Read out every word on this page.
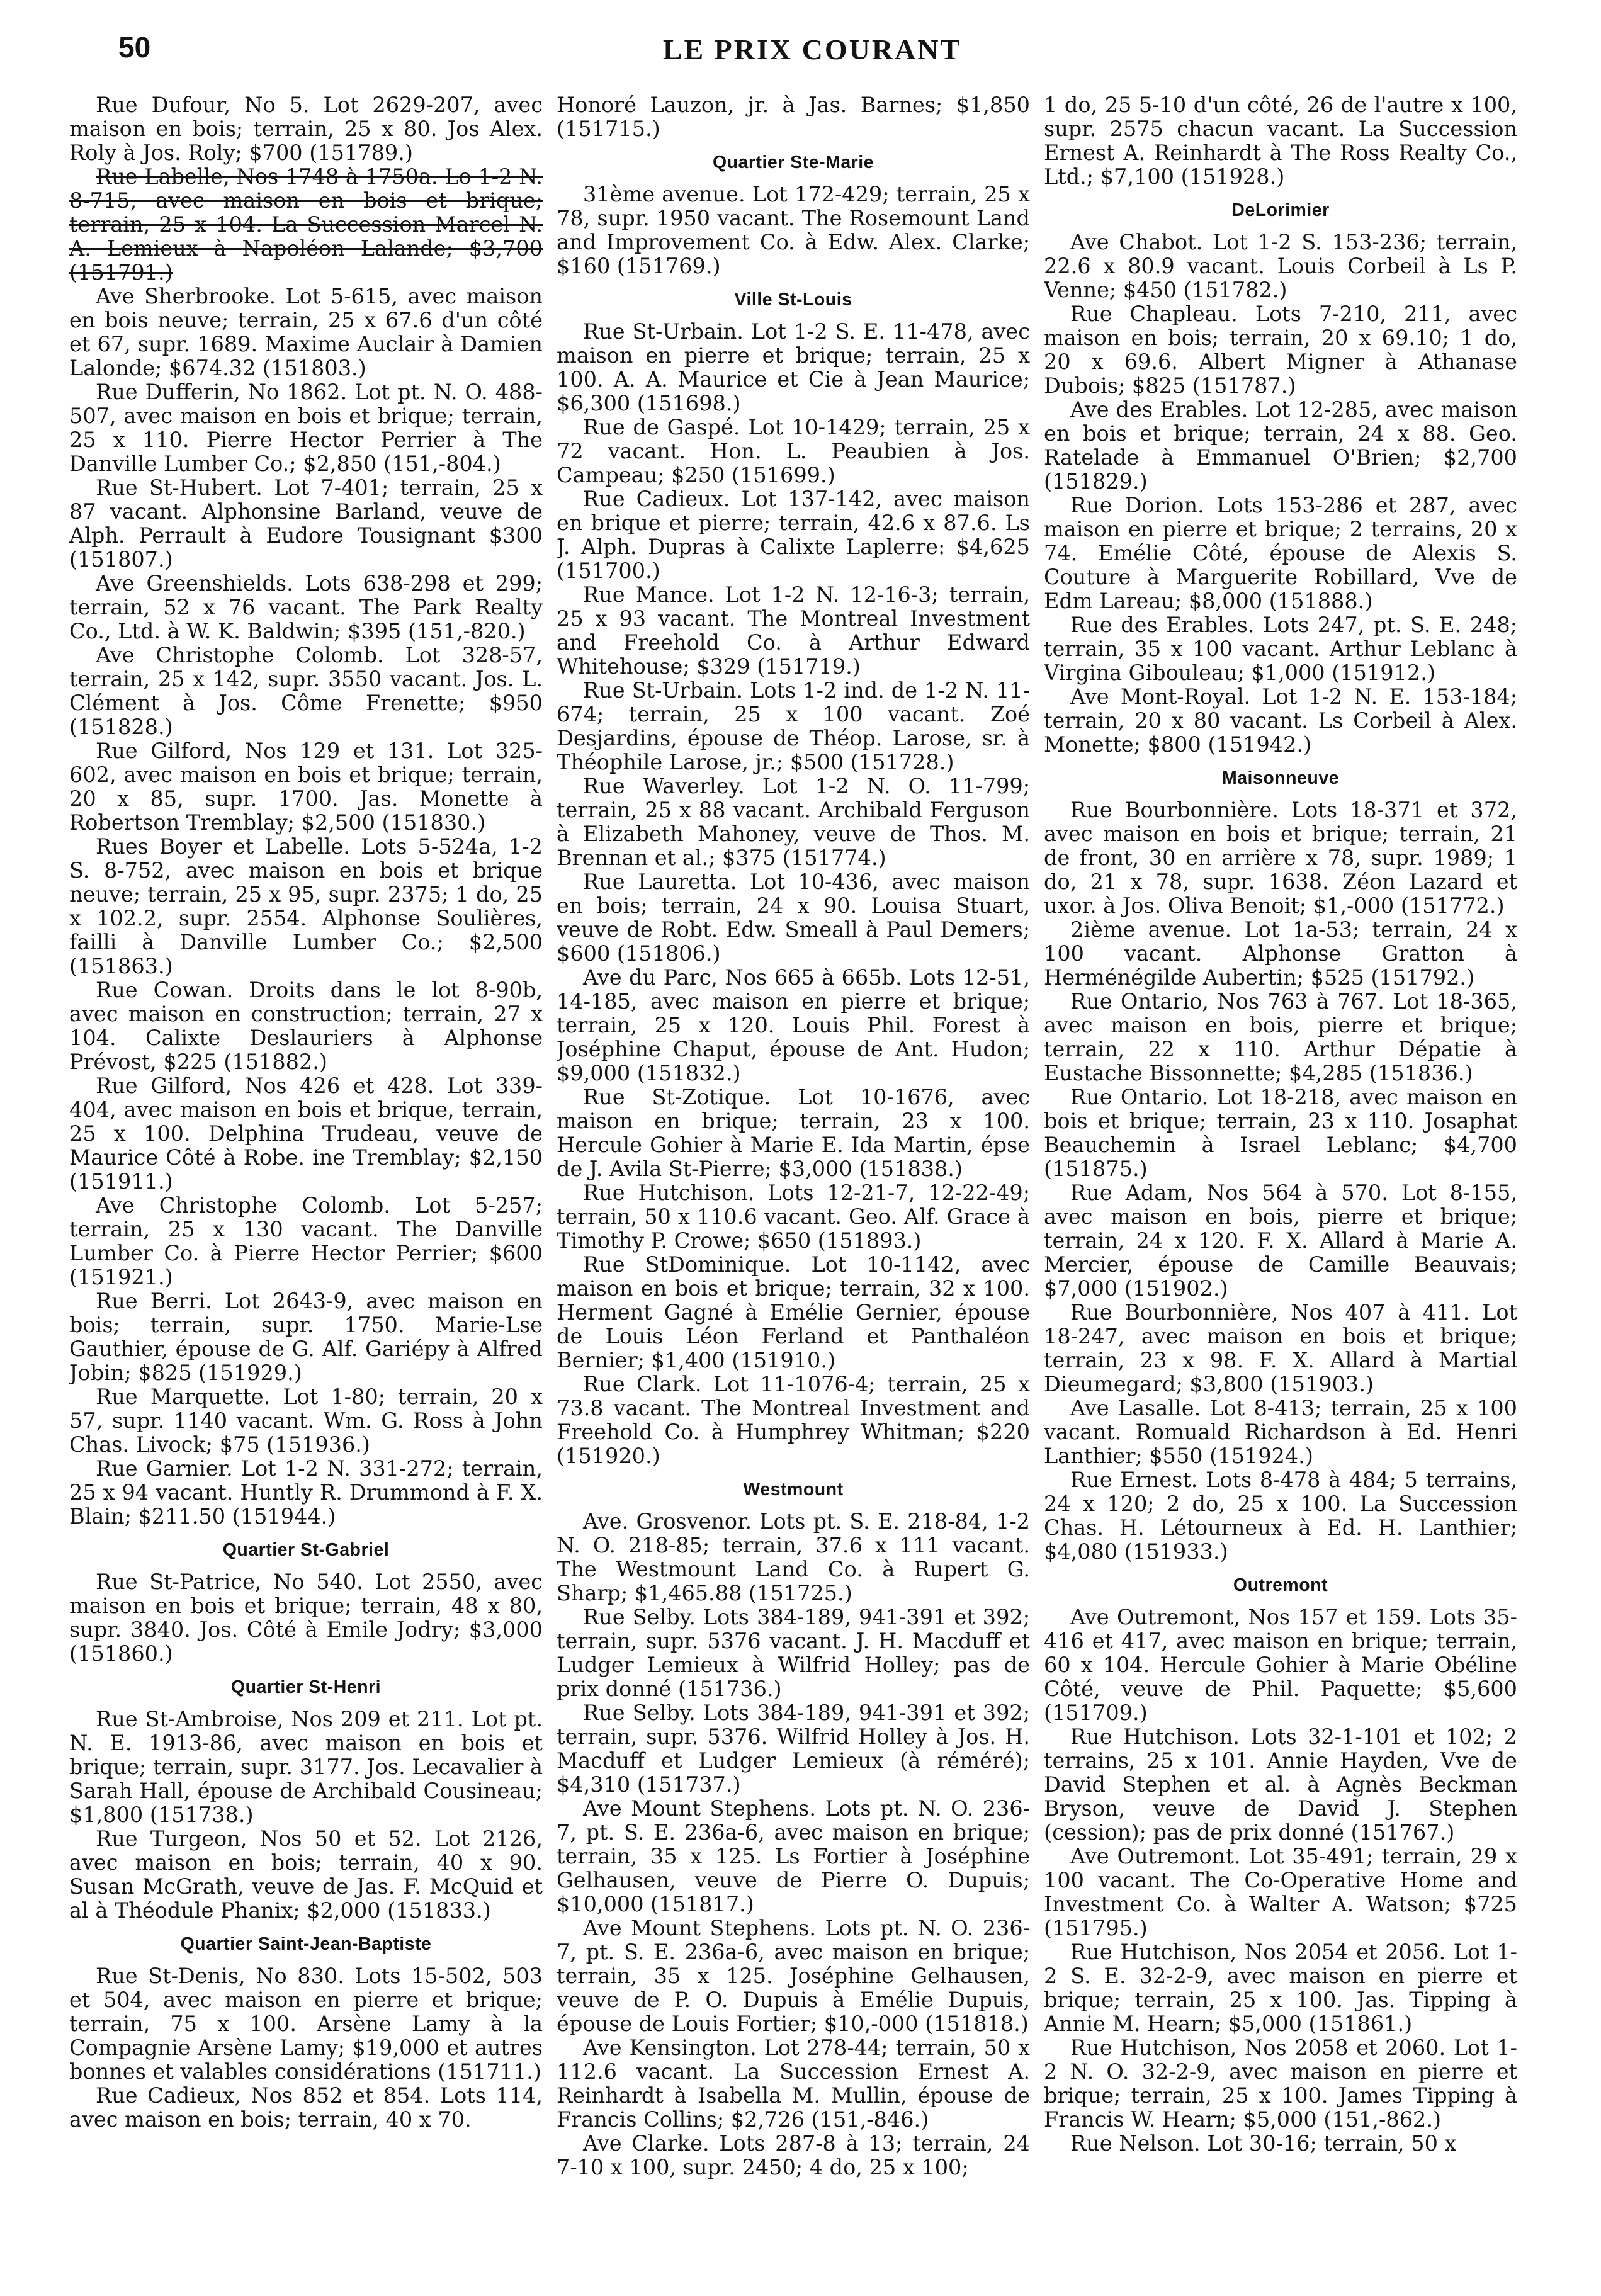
50	LE PRIX COURANT

Rue Dufour, No 5. Lot 2629-207, avec maison en bois; terrain, 25 x 80. Jos Alex. Roly à Jos. Roly; $700 (151789.)

Rue Labelle, Nos 1748 à 1750a. Lo 1-2 N. 8-715, avec maison en bois et brique; terrain, 25 x 104. La Succession Marcel N. A. Lemieux à Napoléon Lalande; $3,700 (151791.)

Ave Sherbrooke. Lot 5-615, avec maison en bois neuve; terrain, 25 x 67.6 d'un côté et 67, supr. 1689. Maxime Auclair à Damien Lalonde; $674.32 (151803.)

Rue Dufferin, No 1862. Lot pt. N. O. 488-507, avec maison en bois et brique; terrain, 25 x 110. Pierre Hector Perrier à The Danville Lumber Co.; $2,850 (151,-804.)

Rue St-Hubert. Lot 7-401; terrain, 25 x 87 vacant. Alphonsine Barland, veuve de Alph. Perrault à Eudore Tousignant $300 (151807.)

Ave Greenshields. Lots 638-298 et 299; terrain, 52 x 76 vacant. The Park Realty Co., Ltd. à W. K. Baldwin; $395 (151,-820.)

Ave Christophe Colomb. Lot 328-57, terrain, 25 x 142, supr. 3550 vacant. Jos. L. Clément à Jos. Côme Frenette; $950 (151828.)

Rue Gilford, Nos 129 et 131. Lot 325-602, avec maison en bois et brique; terrain, 20 x 85, supr. 1700. Jas. Monette à Robertson Tremblay; $2,500 (151830.)

Rues Boyer et Labelle. Lots 5-524a, 1-2 S. 8-752, avec maison en bois et brique neuve; terrain, 25 x 95, supr. 2375; 1 do, 25 x 102.2, supr. 2554. Alphonse Soulières, failli à Danville Lumber Co.; $2,500 (151863.)

Rue Cowan. Droits dans le lot 8-90b, avec maison en construction; terrain, 27 x 104. Calixte Deslauriers à Alphonse Prévost, $225 (151882.)

Rue Gilford, Nos 426 et 428. Lot 339-404, avec maison en bois et brique, terrain, 25 x 100. Delphina Trudeau, veuve de Maurice Côté à Robe. ine Tremblay; $2,150 (151911.)

Ave Christophe Colomb. Lot 5-257; terrain, 25 x 130 vacant. The Danville Lumber Co. à Pierre Hector Perrier; $600 (151921.)

Rue Berri. Lot 2643-9, avec maison en bois; terrain, supr. 1750. Marie-Lse Gauthier, épouse de G. Alf. Gariépy à Alfred Jobin; $825 (151929.)

Rue Marquette. Lot 1-80; terrain, 20 x 57, supr. 1140 vacant. Wm. G. Ross à John Chas. Livock; $75 (151936.)

Rue Garnier. Lot 1-2 N. 331-272; terrain, 25 x 94 vacant. Huntly R. Drummond à F. X. Blain; $211.50 (151944.)

Quartier St-Gabriel

Rue St-Patrice, No 540. Lot 2550, avec maison en bois et brique; terrain, 48 x 80, supr. 3840. Jos. Côté à Emile Jodry; $3,000 (151860.)

Quartier St-Henri

Rue St-Ambroise, Nos 209 et 211. Lot pt. N. E. 1913-86, avec maison en bois et brique; terrain, supr. 3177. Jos. Lecavalier à Sarah Hall, épouse de Archibald Cousineau; $1,800 (151738.)

Rue Turgeon, Nos 50 et 52. Lot 2126, avec maison en bois; terrain, 40 x 90. Susan McGrath, veuve de Jas. F. McQuid et al à Théodule Phanix; $2,000 (151833.)

Quartier Saint-Jean-Baptiste

Rue St-Denis, No 830. Lots 15-502, 503 et 504, avec maison en pierre et brique; terrain, 75 x 100. Arsène Lamy à la Compagnie Arsène Lamy; $19,000 et autres bonnes et valables considérations (151711.)

Rue Cadieux, Nos 852 et 854. Lots 114, avec maison en bois; terrain, 40 x 70.

Honoré Lauzon, jr. à Jas. Barnes; $1,850 (151715.)

Quartier Ste-Marie

31ème avenue. Lot 172-429; terrain, 25 x 78, supr. 1950 vacant. The Rosemount Land and Improvement Co. à Edw. Alex. Clarke; $160 (151769.)

Ville St-Louis

Rue St-Urbain. Lot 1-2 S. E. 11-478, avec maison en pierre et brique; terrain, 25 x 100. A. A. Maurice et Cie à Jean Maurice; $6,300 (151698.)

Rue de Gaspé. Lot 10-1429; terrain, 25 x 72 vacant. Hon. L. Peaubien à Jos. Campeau; $250 (151699.)

Rue Cadieux. Lot 137-142, avec maison en brique et pierre; terrain, 42.6 x 87.6. Ls J. Alph. Dupras à Calixte Laplerre: $4,625 (151700.)

Rue Mance. Lot 1-2 N. 12-16-3; terrain, 25 x 93 vacant. The Montreal Investment and Freehold Co. à Arthur Edward Whitehouse; $329 (151719.)

Rue St-Urbain. Lots 1-2 ind. de 1-2 N. 11-674; terrain, 25 x 100 vacant. Zoé Desjardins, épouse de Théop. Larose, sr. à Théophile Larose, jr.; $500 (151728.)

Rue Waverley. Lot 1-2 N. O. 11-799; terrain, 25 x 88 vacant. Archibald Ferguson à Elizabeth Mahoney, veuve de Thos. M. Brennan et al.; $375 (151774.)

Rue Lauretta. Lot 10-436, avec maison en bois; terrain, 24 x 90. Louisa Stuart, veuve de Robt. Edw. Smeall à Paul Demers; $600 (151806.)

Ave du Parc, Nos 665 à 665b. Lots 12-51, 14-185, avec maison en pierre et brique; terrain, 25 x 120. Louis Phil. Forest à Joséphine Chaput, épouse de Ant. Hudon; $9,000 (151832.)

Rue St-Zotique. Lot 10-1676, avec maison en brique; terrain, 23 x 100. Hercule Gohier à Marie E. Ida Martin, épse de J. Avila St-Pierre; $3,000 (151838.)

Rue Hutchison. Lots 12-21-7, 12-22-49; terrain, 50 x 110.6 vacant. Geo. Alf. Grace à Timothy P. Crowe; $650 (151893.)

Rue StDominique. Lot 10-1142, avec maison en bois et brique; terrain, 32 x 100. Herment Gagné à Emélie Gernier, épouse de Louis Léon Ferland et Panthaléon Bernier; $1,400 (151910.)

Rue Clark. Lot 11-1076-4; terrain, 25 x 73.8 vacant. The Montreal Investment and Freehold Co. à Humphrey Whitman; $220 (151920.)

Westmount

Ave. Grosvenor. Lots pt. S. E. 218-84, 1-2 N. O. 218-85; terrain, 37.6 x 111 vacant. The Westmount Land Co. à Rupert G. Sharp; $1,465.88 (151725.)

Rue Selby. Lots 384-189, 941-391 et 392; terrain, supr. 5376 vacant. J. H. Macduff et Ludger Lemieux à Wilfrid Holley; pas de prix donné (151736.)

Rue Selby. Lots 384-189, 941-391 et 392; terrain, supr. 5376. Wilfrid Holley à Jos. H. Macduff et Ludger Lemieux (à réméré); $4,310 (151737.)

Ave Mount Stephens. Lots pt. N. O. 236-7, pt. S. E. 236a-6, avec maison en brique; terrain, 35 x 125. Ls Fortier à Joséphine Gelhausen, veuve de Pierre O. Dupuis; $10,000 (151817.)

Ave Mount Stephens. Lots pt. N. O. 236-7, pt. S. E. 236a-6, avec maison en brique; terrain, 35 x 125. Joséphine Gelhausen, veuve de P. O. Dupuis à Emélie Dupuis, épouse de Louis Fortier; $10,-000 (151818.)

Ave Kensington. Lot 278-44; terrain, 50 x 112.6 vacant. La Succession Ernest A. Reinhardt à Isabella M. Mullin, épouse de Francis Collins; $2,726 (151,-846.)

Ave Clarke. Lots 287-8 à 13; terrain, 24 7-10 x 100, supr. 2450; 4 do, 25 x 100;

1 do, 25 5-10 d'un côté, 26 de l'autre x 100, supr. 2575 chacun vacant. La Succession Ernest A. Reinhardt à The Ross Realty Co., Ltd.; $7,100 (151928.)

DeLorimier

Ave Chabot. Lot 1-2 S. 153-236; terrain, 22.6 x 80.9 vacant. Louis Corbeil à Ls P. Venne; $450 (151782.)

Rue Chapleau. Lots 7-210, 211, avec maison en bois; terrain, 20 x 69.10; 1 do, 20 x 69.6. Albert Migner à Athanase Dubois; $825 (151787.)

Ave des Erables. Lot 12-285, avec maison en bois et brique; terrain, 24 x 88. Geo. Ratelade à Emmanuel O'Brien; $2,700 (151829.)

Rue Dorion. Lots 153-286 et 287, avec maison en pierre et brique; 2 terrains, 20 x 74. Emélie Côté, épouse de Alexis S. Couture à Marguerite Robillard, Vve de Edm Lareau; $8,000 (151888.)

Rue des Erables. Lots 247, pt. S. E. 248; terrain, 35 x 100 vacant. Arthur Leblanc à Virgina Gibouleau; $1,000 (151912.)

Ave Mont-Royal. Lot 1-2 N. E. 153-184; terrain, 20 x 80 vacant. Ls Corbeil à Alex. Monette; $800 (151942.)

Maisonneuve

Rue Bourbonnière. Lots 18-371 et 372, avec maison en bois et brique; terrain, 21 de front, 30 en arrière x 78, supr. 1989; 1 do, 21 x 78, supr. 1638. Zéon Lazard et uxor. à Jos. Oliva Benoit; $1,-000 (151772.)

2ième avenue. Lot 1a-53; terrain, 24 x 100 vacant. Alphonse Gratton à Herménégilde Aubertin; $525 (151792.)

Rue Ontario, Nos 763 à 767. Lot 18-365, avec maison en bois, pierre et brique; terrain, 22 x 110. Arthur Dépatie à Eustache Bissonnette; $4,285 (151836.)

Rue Ontario. Lot 18-218, avec maison en bois et brique; terrain, 23 x 110. Josaphat Beauchemin à Israel Leblanc; $4,700 (151875.)

Rue Adam, Nos 564 à 570. Lot 8-155, avec maison en bois, pierre et brique; terrain, 24 x 120. F. X. Allard à Marie A. Mercier, épouse de Camille Beauvais; $7,000 (151902.)

Rue Bourbonnière, Nos 407 à 411. Lot 18-247, avec maison en bois et brique; terrain, 23 x 98. F. X. Allard à Martial Dieumegard; $3,800 (151903.)

Ave Lasalle. Lot 8-413; terrain, 25 x 100 vacant. Romuald Richardson à Ed. Henri Lanthier; $550 (151924.)

Rue Ernest. Lots 8-478 à 484; 5 terrains, 24 x 120; 2 do, 25 x 100. La Succession Chas. H. Létourneux à Ed. H. Lanthier; $4,080 (151933.)

Outremont

Ave Outremont, Nos 157 et 159. Lots 35-416 et 417, avec maison en brique; terrain, 60 x 104. Hercule Gohier à Marie Obéline Côté, veuve de Phil. Paquette; $5,600 (151709.)

Rue Hutchison. Lots 32-1-101 et 102; 2 terrains, 25 x 101. Annie Hayden, Vve de David Stephen et al. à Agnès Beckman Bryson, veuve de David J. Stephen (cession); pas de prix donné (151767.)

Ave Outremont. Lot 35-491; terrain, 29 x 100 vacant. The Co-Operative Home and Investment Co. à Walter A. Watson; $725 (151795.)

Rue Hutchison, Nos 2054 et 2056. Lot 1-2 S. E. 32-2-9, avec maison en pierre et brique; terrain, 25 x 100. Jas. Tipping à Annie M. Hearn; $5,000 (151861.)

Rue Hutchison, Nos 2058 et 2060. Lot 1-2 N. O. 32-2-9, avec maison en pierre et brique; terrain, 25 x 100. James Tipping à Francis W. Hearn; $5,000 (151,-862.)

Rue Nelson. Lot 30-16; terrain, 50 x
